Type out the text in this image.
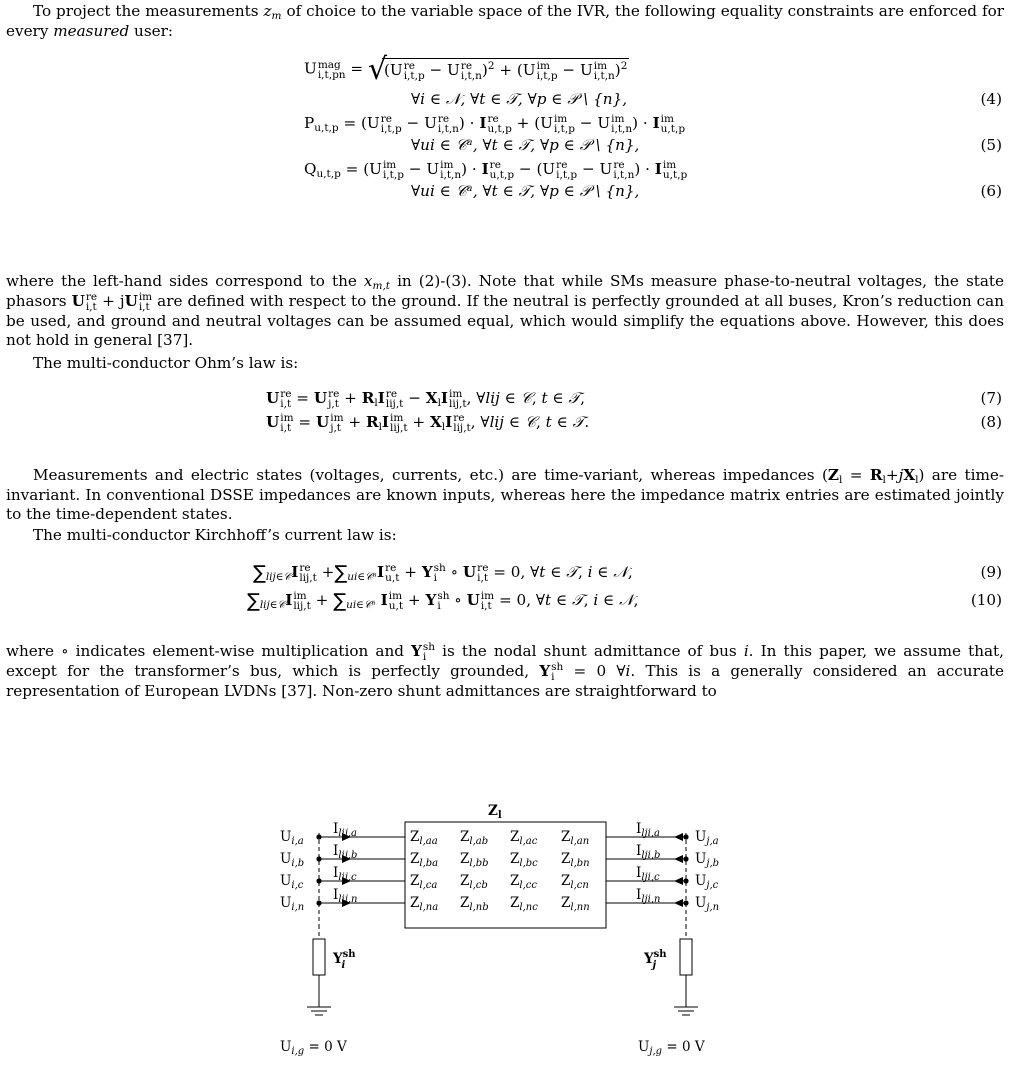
To project the measurements $z_m$ of choice to the variable space of the IVR, the following equality constraints are enforced for every measured user:

U mag
i,t,pn = √
(U re
i,t,p − U re
i,t,n )$^2$ + (U im
i,t,p − U im
i,t,n )$^2$
∀i ∈ 𝒩, ∀t ∈ 𝒯, ∀p ∈ 𝒫 \ {n},	(4)
$P_{u,t,p} = (U$ re
i,t,p − U re
i,t,n ) · I re
u,t,p + (U im
i,t,p − U im
i,t,n ) · I im
u,t,p
∀ui ∈ 𝒞ᵘ, ∀t ∈ 𝒯, ∀p ∈ 𝒫 \ {n},	(5)
$Q_{u,t,p} = (U$ im
i,t,p − U im
i,t,n ) · I re
u,t,p − (U re
i,t,p − U re
i,t,n ) · I im
u,t,p
∀ui ∈ 𝒞ᵘ, ∀t ∈ 𝒯, ∀p ∈ 𝒫 \ {n},	(6)

where the left-hand sides correspond to the $x_{m,t}$ in (2)-(3). Note that while SMs measure phase-to-neutral voltages, the state phasors U re
i,t + jU im
i,t are defined with respect to the ground. If the neutral is perfectly grounded at all buses, Kron’s reduction can be used, and ground and neutral voltages can be assumed equal, which would simplify the equations above. However, this does not hold in general [37].

The multi-conductor Ohm’s law is:

U re
i,t = U re
$j,t + R_lI$ re
$lij,t - X_lI$ im
lij,t , ∀lij ∈ 𝒞, t ∈ 𝒯,	(7)
U im
i,t = U im
$j,t + R_lI$ im
$lij,t + X_lI$ re
lij,t , ∀lij ∈ 𝒞, t ∈ 𝒯.	(8)

Measurements and electric states (voltages, currents, etc.) are time-variant, whereas impedances $(Z_l = R_l+jX_l)$ are time-invariant. In conventional DSSE impedances are known inputs, whereas here the impedance matrix entries are estimated jointly to the time-dependent states.

The multi-conductor Kirchhoff’s current law is:

$\sum_{lij\in 𝒞}I$ re
$lij,t +\sum_{ui\in 𝒞ᵘ}I$ re
u,t + Y sh
i ∘ U re
i,t = 0, ∀t ∈ 𝒯, i ∈ 𝒩,	(9)
$\sum_{lij\in 𝒞}I$ im
$lij,t + \sum_{ui\in 𝒞ᵘ}$ I im
u,t + Y sh
i ∘ U im
i,t = 0, ∀t ∈ 𝒯, i ∈ 𝒩,	(10)

where ∘ indicates element-wise multiplication and Y sh
i is the nodal shunt admittance of bus i. In this paper, we assume that, except for the transformer’s bus, which is perfectly grounded, Y sh
i = 0 ∀i. This is a generally considered an accurate representation of European LVDNs [37]. Non-zero shunt admittances are straightforward to

$Z_l$
$Z_{l,aa}$ $Z_{l,ab}$ $Z_{l,ac}$ $Z_{l,an}$
$Z_{l,ba}$ $Z_{l,bb}$ $Z_{l,bc}$ $Z_{l,bn}$
$Z_{l,ca}$ $Z_{l,cb}$ $Z_{l,cc}$ $Z_{l,cn}$
$Z_{l,na}$ $Z_{l,nb}$ $Z_{l,nc}$ $Z_{l,nn}$
$U_{i,a}$
$I_{lij,a}$
$U_{i,b}$
$I_{lij,b}$
$U_{i,c}$
$I_{lij,c}$
$U_{i,n}$
$I_{lij,n}$
$U_{j,a}$
$I_{lji,a}$
$U_{j,b}$
$I_{lji,b}$
$U_{j,c}$
$I_{lji,c}$
$U_{j,n}$
$I_{lji,n}$
$Y^{sh}$ i	$Y^{sh}$ j
$U_{i,g} = 0$ V	$U_{j,g} = 0$ V
